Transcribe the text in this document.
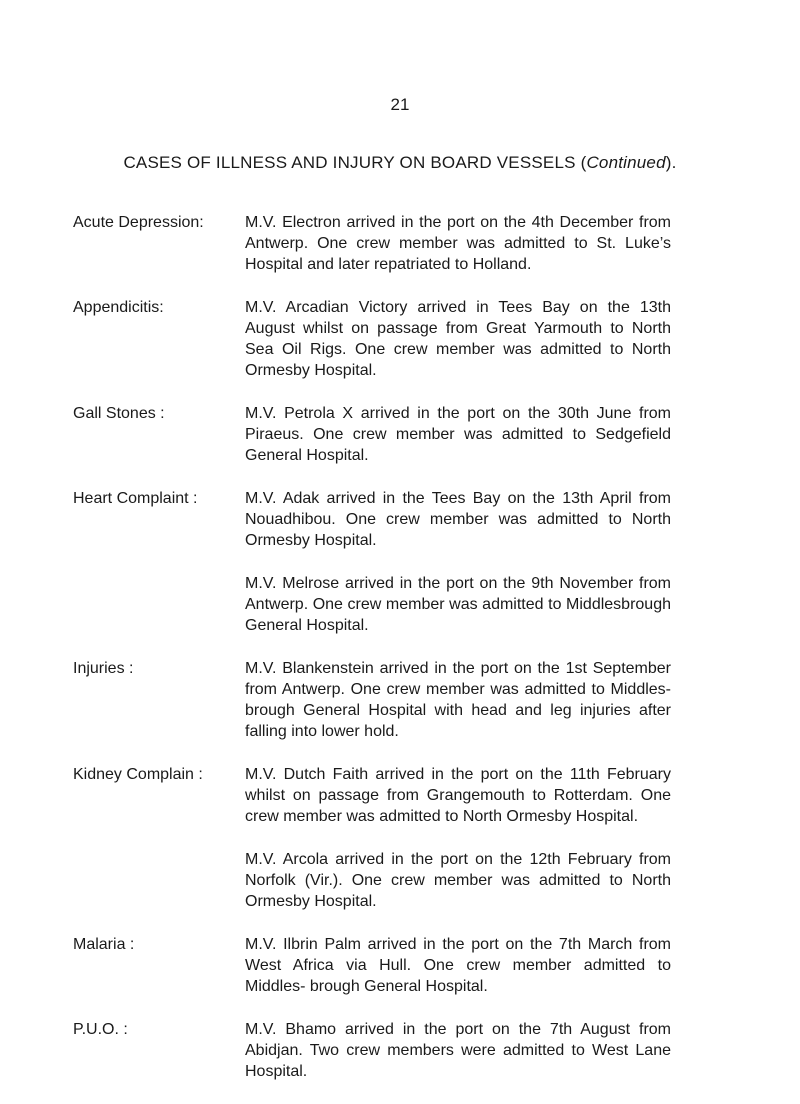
21
CASES OF ILLNESS AND INJURY ON BOARD VESSELS (Continued).
Acute Depression:	M.V. Electron arrived in the port on the 4th December from Antwerp. One crew member was admitted to St. Luke’s Hospital and later repatriated to Holland.
Appendicitis:	M.V. Arcadian Victory arrived in Tees Bay on the 13th August whilst on passage from Great Yarmouth to North Sea Oil Rigs. One crew member was admitted to North Ormesby Hospital.
Gall Stones :	M.V. Petrola X arrived in the port on the 30th June from Piraeus. One crew member was admitted to Sedgefield General Hospital.
Heart Complaint :	M.V. Adak arrived in the Tees Bay on the 13th April from Nouadhibou. One crew member was admitted to North Ormesby Hospital.
M.V. Melrose arrived in the port on the 9th November from Antwerp. One crew member was admitted to Middlesbrough General Hospital.
Injuries :	M.V. Blankenstein arrived in the port on the 1st September from Antwerp. One crew member was admitted to Middles- brough General Hospital with head and leg injuries after falling into lower hold.
Kidney Complain :	M.V. Dutch Faith arrived in the port on the 11th February whilst on passage from Grangemouth to Rotterdam. One crew member was admitted to North Ormesby Hospital.
M.V. Arcola arrived in the port on the 12th February from Norfolk (Vir.). One crew member was admitted to North Ormesby Hospital.
Malaria :	M.V. Ilbrin Palm arrived in the port on the 7th March from West Africa via Hull. One crew member admitted to Middles- brough General Hospital.
P.U.O. :	M.V. Bhamo arrived in the port on the 7th August from Abidjan. Two crew members were admitted to West Lane Hospital.
